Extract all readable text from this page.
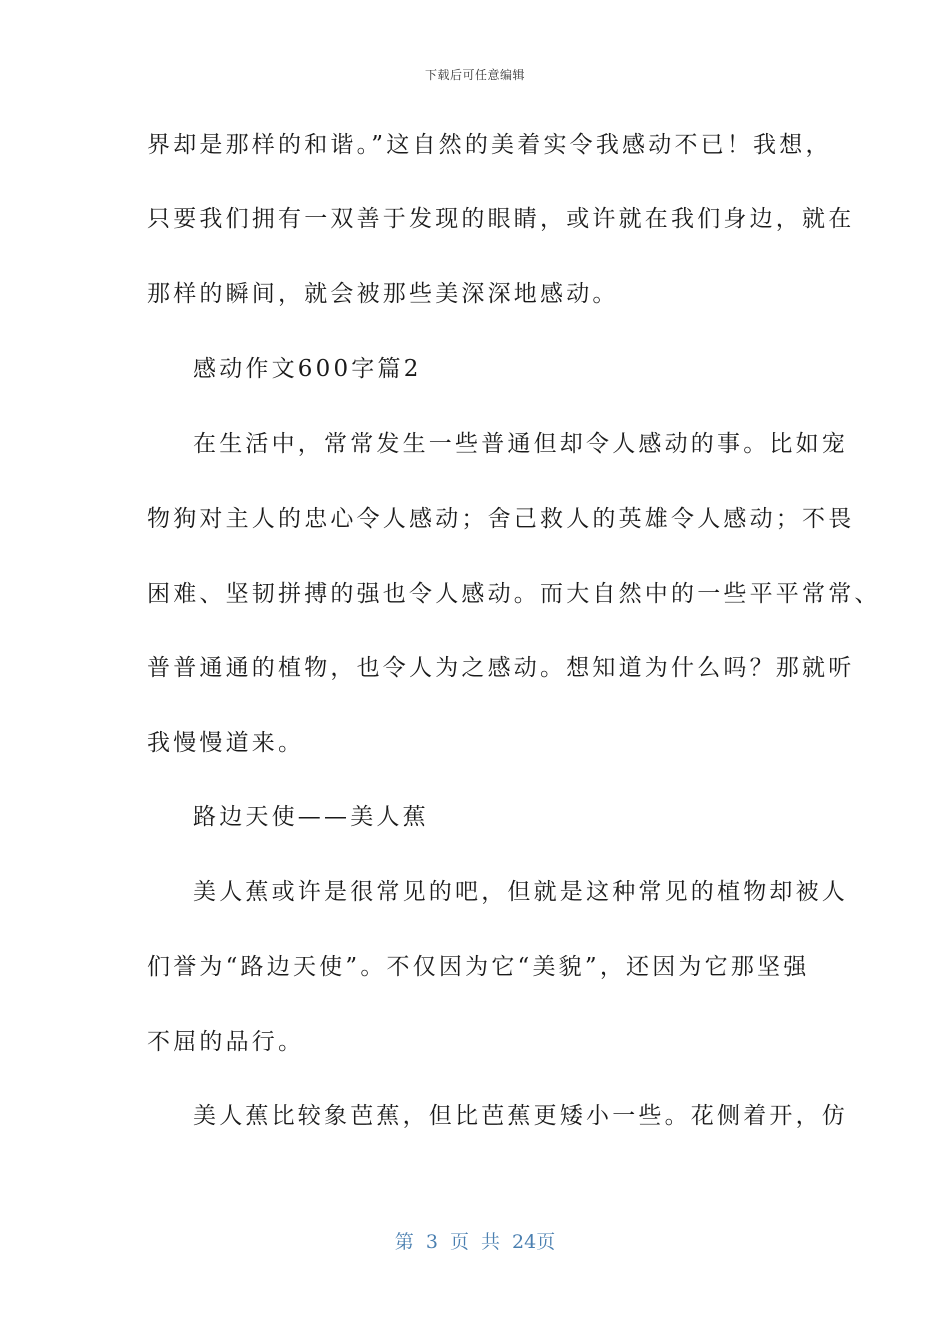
下载后可任意编辑
界却是那样的和谐。”这自然的美着实令我感动不已！我想，
只要我们拥有一双善于发现的眼睛，或许就在我们身边，就在
那样的瞬间，就会被那些美深深地感动。
感动作文600字篇2
在生活中，常常发生一些普通但却令人感动的事。比如宠
物狗对主人的忠心令人感动；舍己救人的英雄令人感动；不畏
困难、坚韧拼搏的强也令人感动。而大自然中的一些平平常常、
普普通通的植物，也令人为之感动。想知道为什么吗？那就听
我慢慢道来。
路边天使——美人蕉
美人蕉或许是很常见的吧，但就是这种常见的植物却被人
们誉为“路边天使”。不仅因为它“美貌”，还因为它那坚强
不屈的品行。
美人蕉比较象芭蕉，但比芭蕉更矮小一些。花侧着开，仿
第 3 页 共 24页
